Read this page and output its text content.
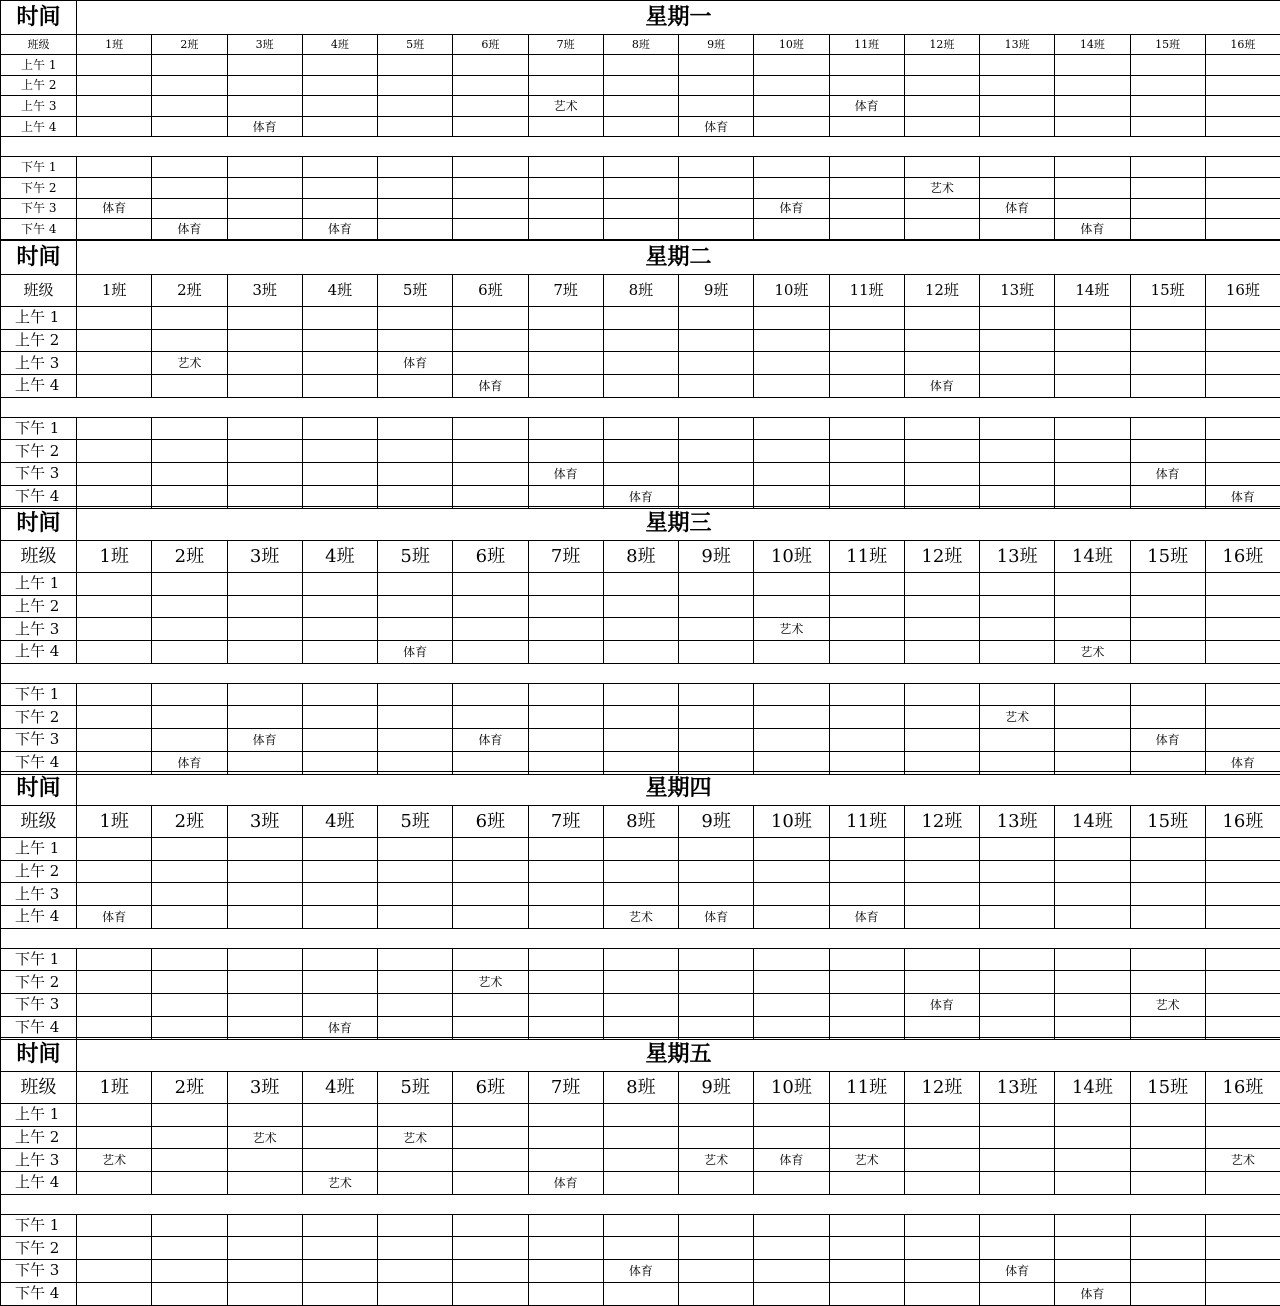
时间	星期一															
班级	1班	2班	3班	4班	5班	6班	7班	8班	9班	10班	11班	12班	13班	14班	15班	16班
上午 1																
上午 2																
上午 3							艺术				体育					
上午 4			体育						体育							

下午 1																
下午 2												艺术				
下午 3	体育									体育			体育			
下午 4		体育		体育										体育		
时间	星期二															
班级	1班	2班	3班	4班	5班	6班	7班	8班	9班	10班	11班	12班	13班	14班	15班	16班
上午 1																
上午 2																
上午 3		艺术			体育											
上午 4						体育						体育				

下午 1																
下午 2																
下午 3							体育								体育	
下午 4								体育								体育
时间	星期三															
班级	1班	2班	3班	4班	5班	6班	7班	8班	9班	10班	11班	12班	13班	14班	15班	16班
上午 1																
上午 2																
上午 3										艺术						
上午 4					体育									艺术		

下午 1																
下午 2													艺术			
下午 3			体育			体育									体育	
下午 4		体育														体育
时间	星期四															
班级	1班	2班	3班	4班	5班	6班	7班	8班	9班	10班	11班	12班	13班	14班	15班	16班
上午 1																
上午 2																
上午 3																
上午 4	体育							艺术	体育		体育					

下午 1																
下午 2						艺术										
下午 3												体育			艺术	
下午 4				体育												
时间	星期五															
班级	1班	2班	3班	4班	5班	6班	7班	8班	9班	10班	11班	12班	13班	14班	15班	16班
上午 1																
上午 2			艺术		艺术											
上午 3	艺术								艺术	体育	艺术					艺术
上午 4				艺术			体育									

下午 1																
下午 2																
下午 3								体育					体育			
下午 4														体育		
